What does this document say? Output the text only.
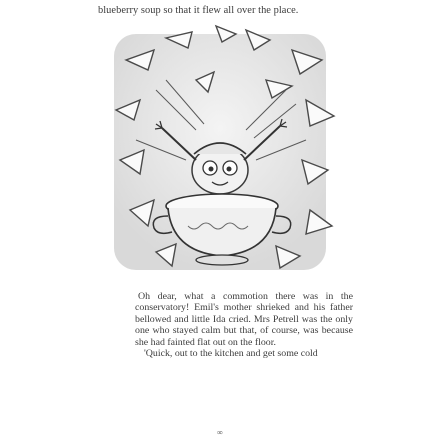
blueberry soup so that it flew all over the place.

Oh dear, what a commotion there was in the conservatory! Emil's mother shrieked and his father bellowed and little Ida cried. Mrs Petrell was the only one who stayed calm but that, of course, was because she had fainted flat out on the floor.

'Quick, out to the kitchen and get some cold

∞
